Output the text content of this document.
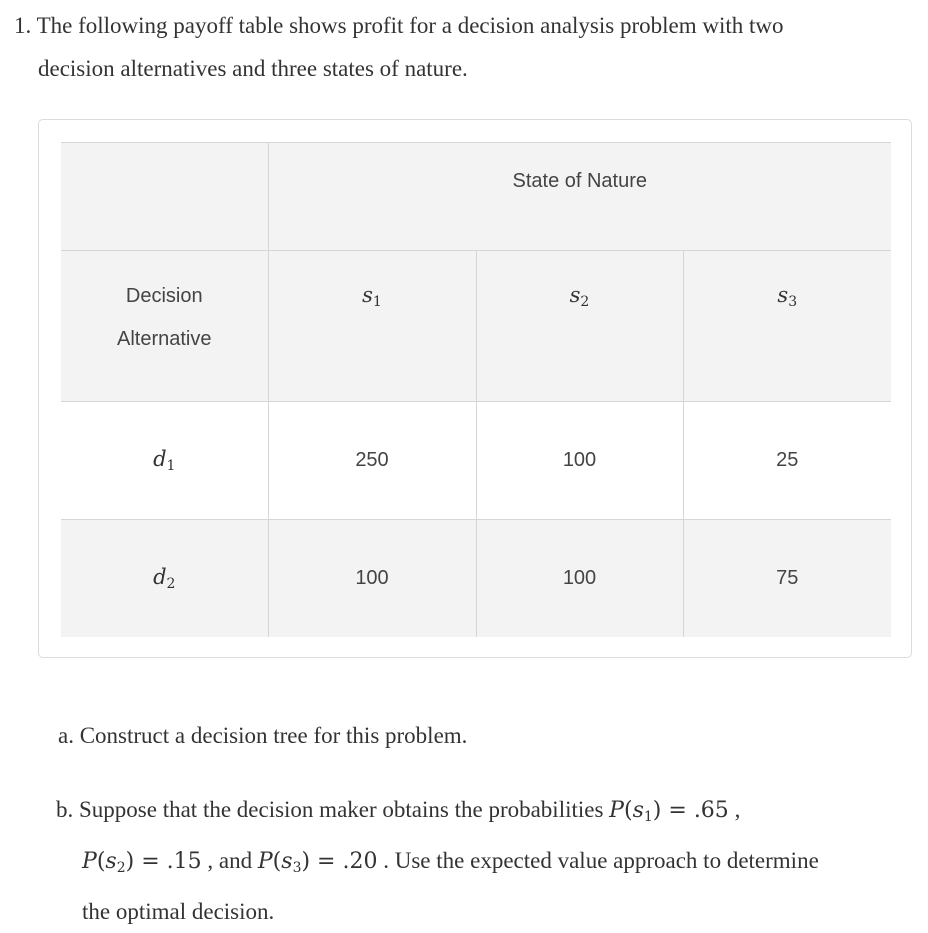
1. The following payoff table shows profit for a decision analysis problem with two
decision alternatives and three states of nature.

	State of Nature		

Decision
Alternative	$s_1$	$s_2$	$s_3$

$d_1$	250	100	25
$d_2$	100	100	75
a. Construct a decision tree for this problem.
b. Suppose that the decision maker obtains the probabilities $P(s_1) = .65$ ,
$P(s_2) = .15$ , and $P(s_3) = .20$ . Use the expected value approach to determine
the optimal decision.
